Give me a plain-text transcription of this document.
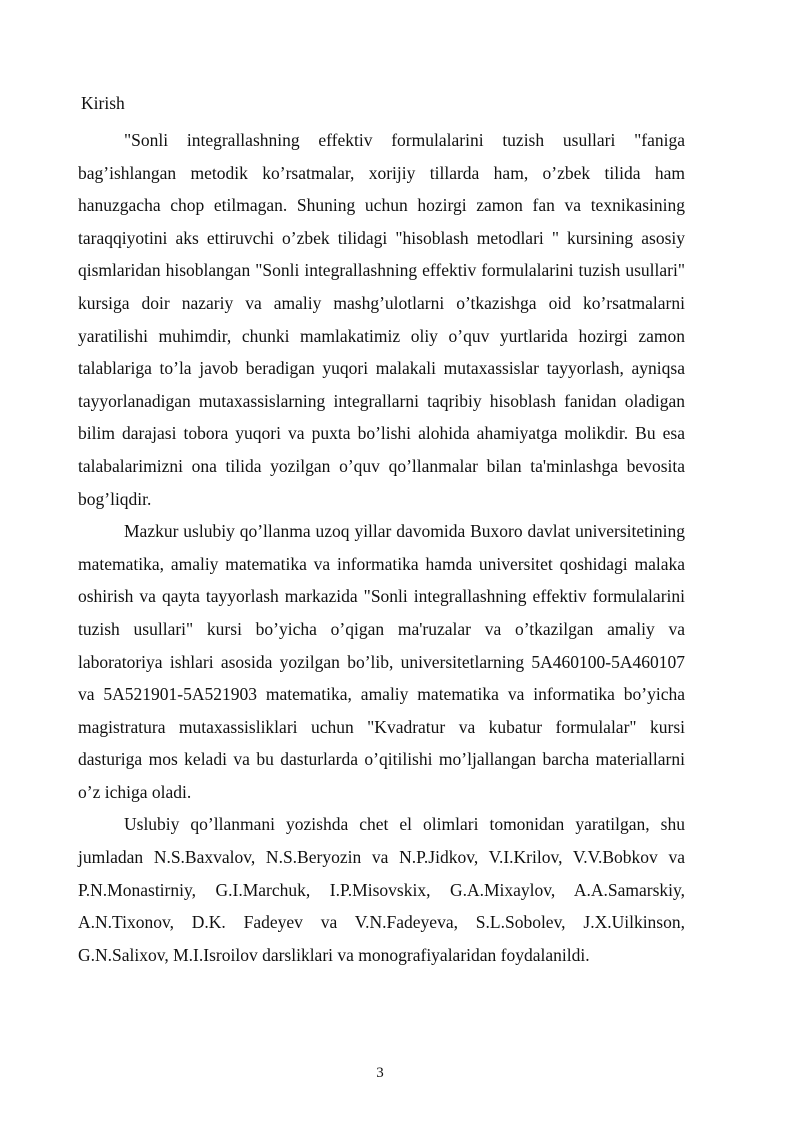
Kirish

"Sonli integrallashning effektiv formulalarini tuzish usullari "faniga bag’ishlangan metodik ko’rsatmalar, xorijiy tillarda ham, o’zbek tilida ham hanuzgacha chop etilmagan. Shuning uchun hozirgi zamon fan va texnikasining taraqqiyotini aks ettiruvchi o’zbek tilidagi "hisoblash metodlari " kursining asosiy qismlaridan hisoblangan "Sonli integrallashning effektiv formulalarini tuzish usullari" kursiga doir nazariy va amaliy mashg’ulotlarni o’tkazishga oid ko’rsatmalarni yaratilishi muhimdir, chunki mamlakatimiz oliy o’quv yurtlarida hozirgi zamon talablariga to’la javob beradigan yuqori malakali mutaxassislar tayyorlash, ayniqsa tayyorlanadigan mutaxassislarning integrallarni taqribiy hisoblash fanidan oladigan bilim darajasi tobora yuqori va puxta bo’lishi alohida ahamiyatga molikdir. Bu esa talabalarimizni ona tilida yozilgan o’quv qo’llanmalar bilan ta'minlashga bevosita bog’liqdir.

Mazkur uslubiy qo’llanma uzoq yillar davomida Buxoro davlat universitetining matematika, amaliy matematika va informatika hamda universitet qoshidagi malaka oshirish va qayta tayyorlash markazida "Sonli integrallashning effektiv formulalarini tuzish usullari" kursi bo’yicha o’qigan ma'ruzalar va o’tkazilgan amaliy va laboratoriya ishlari asosida yozilgan bo’lib, universitetlarning 5A460100-5A460107 va 5A521901-5A521903 matematika, amaliy matematika va informatika bo’yicha magistratura mutaxassisliklari uchun "Kvadratur va kubatur formulalar" kursi dasturiga mos keladi va bu dasturlarda o’qitilishi mo’ljallangan barcha materiallarni o’z ichiga oladi.

Uslubiy qo’llanmani yozishda chet el olimlari tomonidan yaratilgan, shu jumladan N.S.Baxvalov, N.S.Beryozin va N.P.Jidkov, V.I.Krilov, V.V.Bobkov va P.N.Monastirniy, G.I.Marchuk, I.P.Misovskix, G.A.Mixaylov, A.A.Samarskiy, A.N.Tixonov, D.K. Fadeyev va V.N.Fadeyeva, S.L.Sobolev, J.X.Uilkinson, G.N.Salixov, M.I.Isroilov darsliklari va monografiyalaridan foydalanildi.

3
